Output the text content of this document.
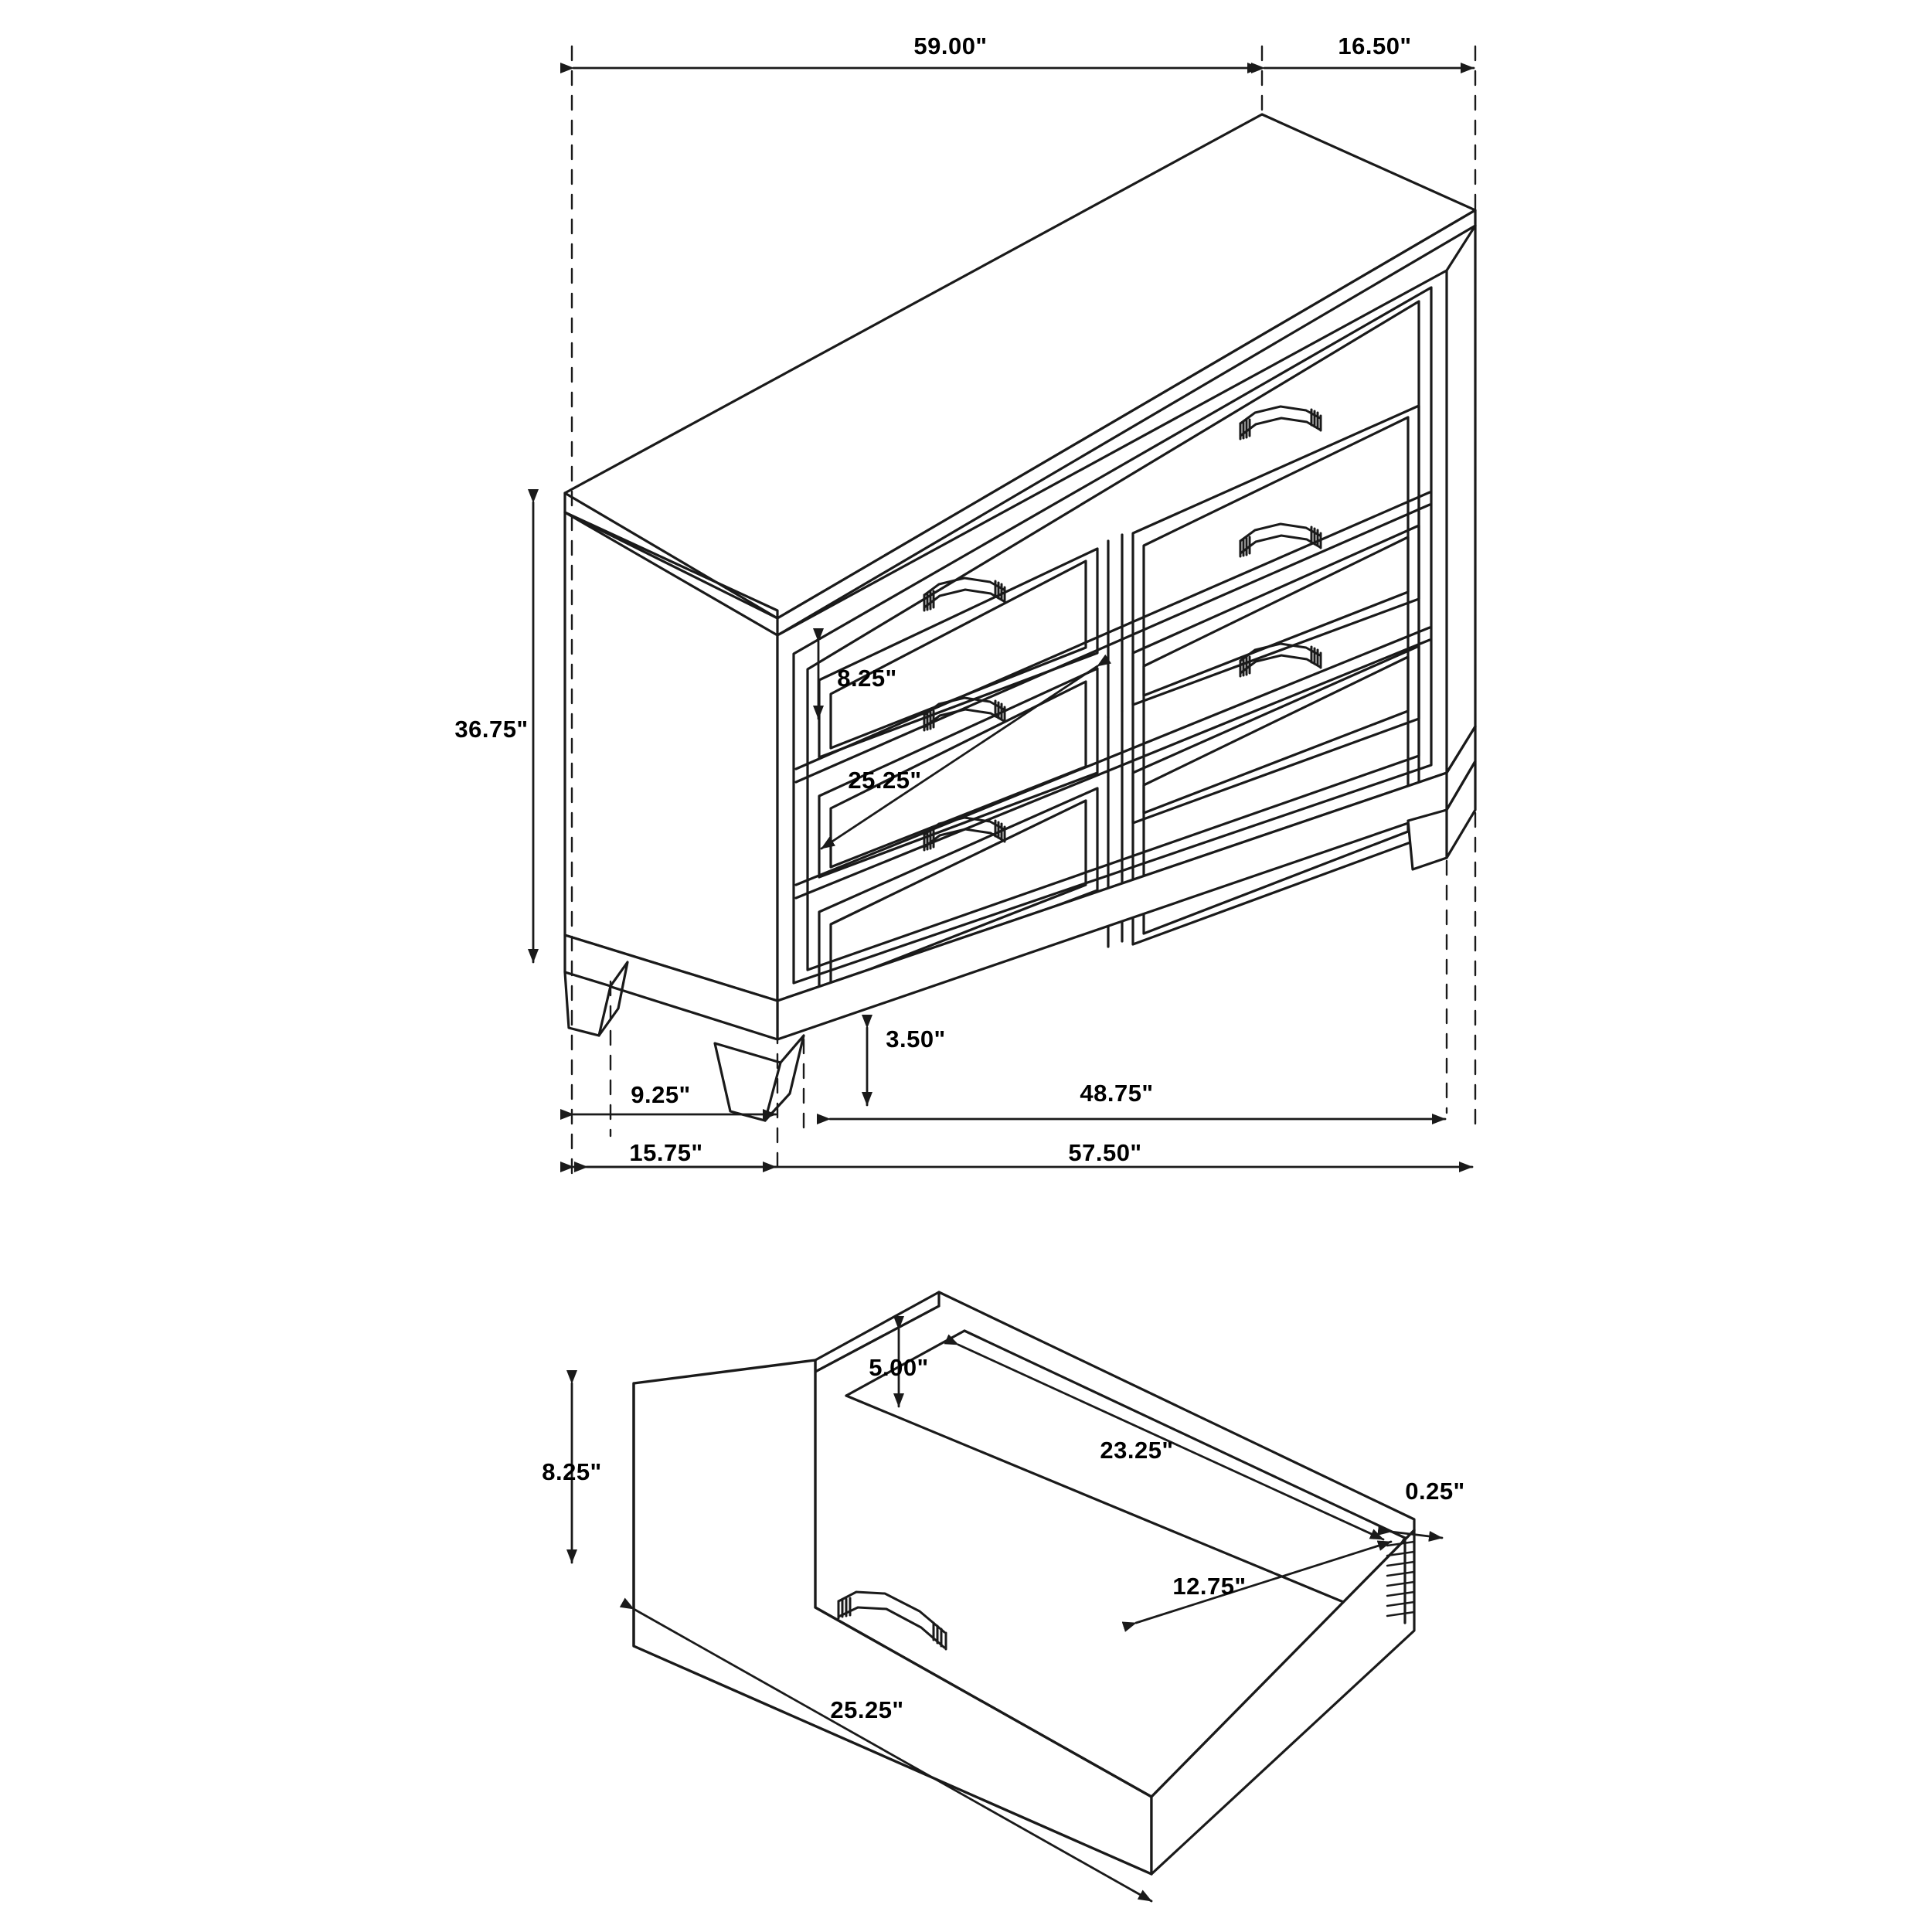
59.00"	16.50"
36.75"
8.25"
25.25"
3.50"
9.25"
15.75"
48.75"
57.50"
5.00"
23.25"
0.25"
12.75"
8.25"
25.25"
